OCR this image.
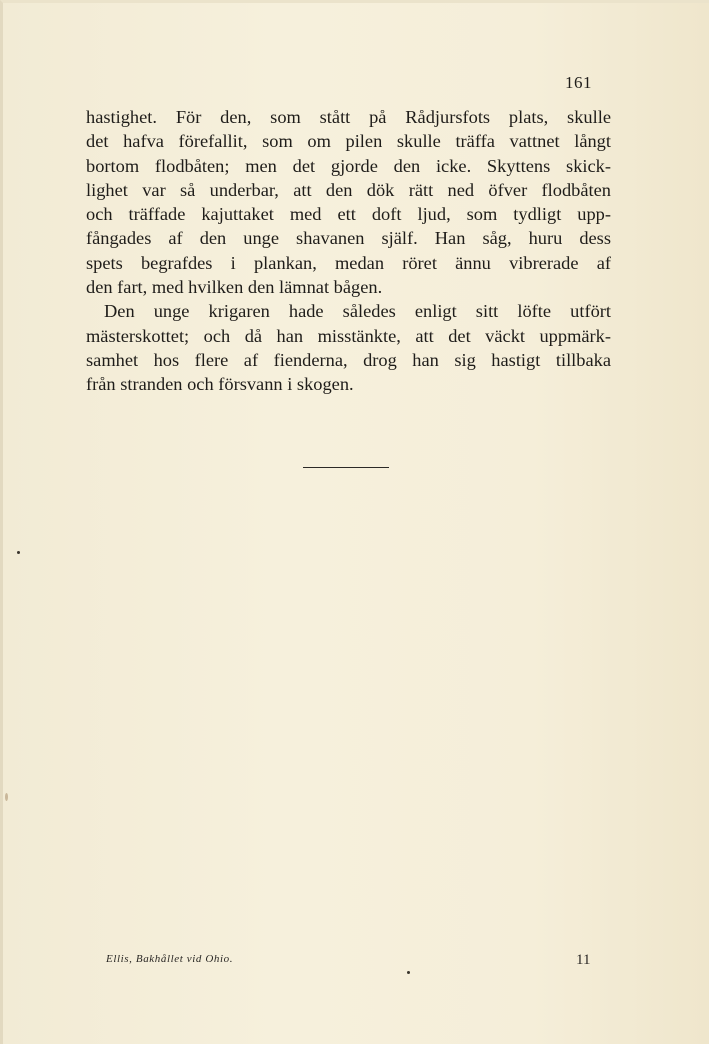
161

hastighet. För den, som stått på Rådjursfots plats, skulle
det hafva förefallit, som om pilen skulle träffa vattnet långt
bortom flodbåten; men det gjorde den icke. Skyttens skick-
lighet var så underbar, att den dök rätt ned öfver flodbåten
och träffade kajuttaket med ett doft ljud, som tydligt upp-
fångades af den unge shavanen själf. Han såg, huru dess
spets begrafdes i plankan, medan röret ännu vibrerade af
den fart, med hvilken den lämnat bågen.

Den unge krigaren hade således enligt sitt löfte utfört
mästerskottet; och då han misstänkte, att det väckt uppmärk-
samhet hos flere af fienderna, drog han sig hastigt tillbaka
från stranden och försvann i skogen.

Ellis, Bakhållet vid Ohio.	11
